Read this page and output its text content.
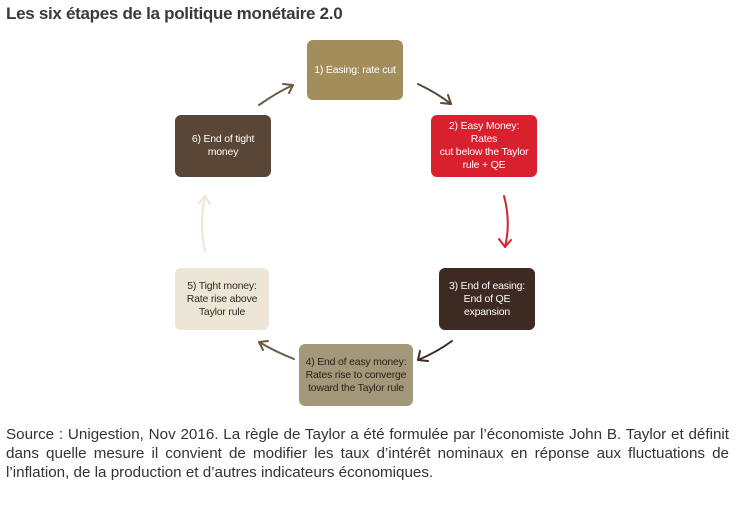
Les six étapes de la politique monétaire 2.0
1) Easing: rate cut
2) Easy Money: Rates
cut below the Taylor
rule + QE
3) End of easing:
End of QE
expansion
4) End of easy money:
Rates rise to converge
toward the Taylor rule
5) Tight money:
Rate rise above
Taylor rule
6) End of tight
money
Source : Unigestion, Nov 2016. La règle de Taylor a été formulée par l’économiste John B. Taylor et définit dans quelle mesure il convient de modifier les taux d’intérêt nominaux en réponse aux fluctuations de l’inflation, de la production et d’autres indicateurs économiques.
